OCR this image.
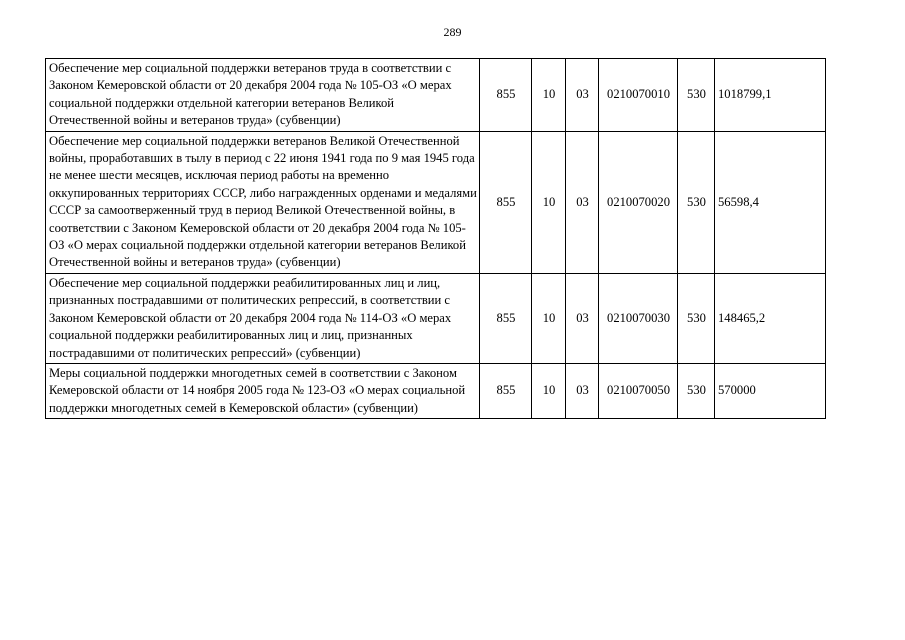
289
Обеспечение мер социальной поддержки ветеранов труда в соответствии с Законом Кемеровской области от 20 декабря 2004 года № 105-ОЗ «О мерах социальной поддержки отдельной категории ветеранов Великой Отечественной войны и ветеранов труда» (субвенции)	855	10	03	0210070010	530	1018799,1
Обеспечение мер социальной поддержки ветеранов Великой Отечественной войны, проработавших в тылу в период с 22 июня 1941 года по 9 мая 1945 года не менее шести месяцев, исключая период работы на временно оккупированных территориях СССР, либо награжденных орденами и медалями СССР за самоотверженный труд в период Великой Отечественной войны, в соответствии с Законом Кемеровской области от 20 декабря 2004 года № 105-ОЗ «О мерах социальной поддержки отдельной категории ветеранов Великой Отечественной войны и ветеранов труда» (субвенции)	855	10	03	0210070020	530	56598,4
Обеспечение мер социальной поддержки реабилитированных лиц и лиц, признанных пострадавшими от политических репрессий, в соответствии с Законом Кемеровской области от 20 декабря 2004 года № 114-ОЗ «О мерах социальной поддержки реабилитированных лиц и лиц, признанных пострадавшими от политических репрессий» (субвенции)	855	10	03	0210070030	530	148465,2
Меры социальной поддержки многодетных семей в соответствии с Законом Кемеровской области от 14 ноября 2005 года № 123-ОЗ «О мерах социальной поддержки многодетных семей в Кемеровской области» (субвенции)	855	10	03	0210070050	530	570000
